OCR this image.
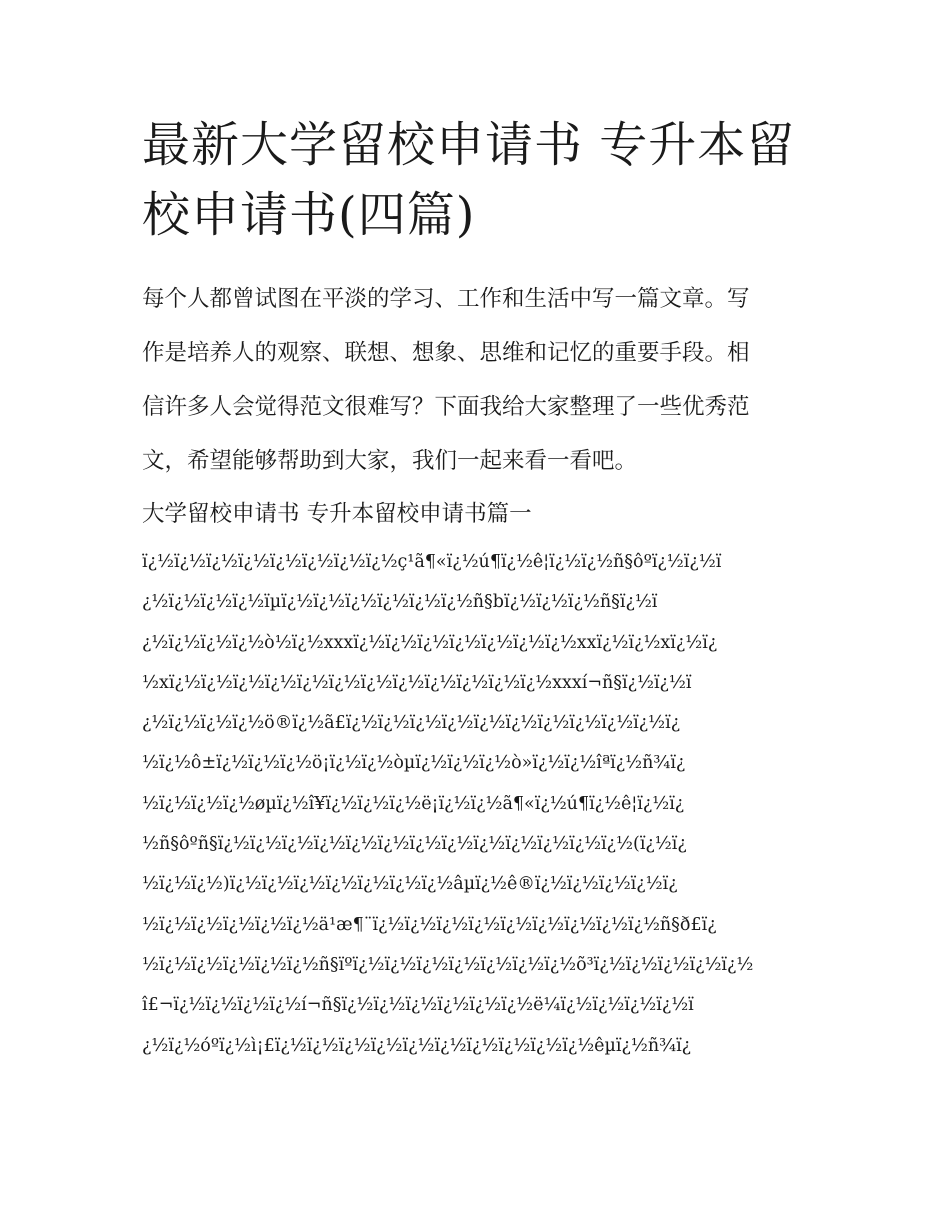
最新大学留校申请书 专升本留
校申请书(四篇)

每个人都曾试图在平淡的学习、工作和生活中写一篇文章。写
作是培养人的观察、联想、想象、思维和记忆的重要手段。相
信许多人会觉得范文很难写？下面我给大家整理了一些优秀范
文，希望能够帮助到大家，我们一起来看一看吧。

大学留校申请书 专升本留校申请书篇一
ï¿½ï¿½ï¿½ï¿½ï¿½ï¿½ï¿½ï¿½ç¹ã¶«ï¿½ú¶ï¿½ê¦ï¿½ï¿½ñ§ôºï¿½ï¿½ï
¿½ï¿½ï¿½ï¿½ïµï¿½ï¿½ï¿½ï¿½ï¿½ï¿½ñ§bï¿½ï¿½ï¿½ñ§ï¿½ï
¿½ï¿½ï¿½ï¿½ò½ï¿½xxxï¿½ï¿½ï¿½ï¿½ï¿½ï¿½ï¿½xxï¿½ï¿½xï¿½ï¿
½xï¿½ï¿½ï¿½ï¿½ï¿½ï¿½ï¿½ï¿½ï¿½ï¿½ï¿½ï¿½xxxí¬ñ§ï¿½ï¿½ï
¿½ï¿½ï¿½ï¿½ö®ï¿½ã£ï¿½ï¿½ï¿½ï¿½ï¿½ï¿½ï¿½ï¿½ï¿½ï¿½ï¿
½ï¿½ô±ï¿½ï¿½ï¿½ö¡ï¿½ï¿½òµï¿½ï¿½ï¿½ò»ï¿½ï¿½îªï¿½ñ¾ï¿
½ï¿½ï¿½ï¿½øµï¿½î¥ï¿½ï¿½ï¿½ë¡ï¿½ï¿½ã¶«ï¿½ú¶ï¿½ê¦ï¿½ï¿
½ñ§ôºñ§ï¿½ï¿½ï¿½ï¿½ï¿½ï¿½ï¿½ï¿½ï¿½ï¿½ï¿½ï¿½ï¿½(ï¿½ï¿
½ï¿½ï¿½)ï¿½ï¿½ï¿½ï¿½ï¿½ï¿½ï¿½âµï¿½ê®ï¿½ï¿½ï¿½ï¿½ï¿
½ï¿½ï¿½ï¿½ï¿½ï¿½ä¹æ¶¨ï¿½ï¿½ï¿½ï¿½ï¿½ï¿½ï¿½ï¿½ï¿½ñ§ð£ï¿
½ï¿½ï¿½ï¿½ï¿½ï¿½ñ§ïºï¿½ï¿½ï¿½ï¿½ï¿½ï¿½ï¿½õ³ï¿½ï¿½ï¿½ï¿½ï¿½
î£¬ï¿½ï¿½ï¿½ï¿½í¬ñ§ï¿½ï¿½ï¿½ï¿½ï¿½ï¿½ë¼ï¿½ï¿½ï¿½ï¿½ï
¿½ï¿½óºï¿½ì¡£ï¿½ï¿½ï¿½ï¿½ï¿½ï¿½ï¿½ï¿½ï¿½ï¿½êµï¿½ñ¾ï¿
